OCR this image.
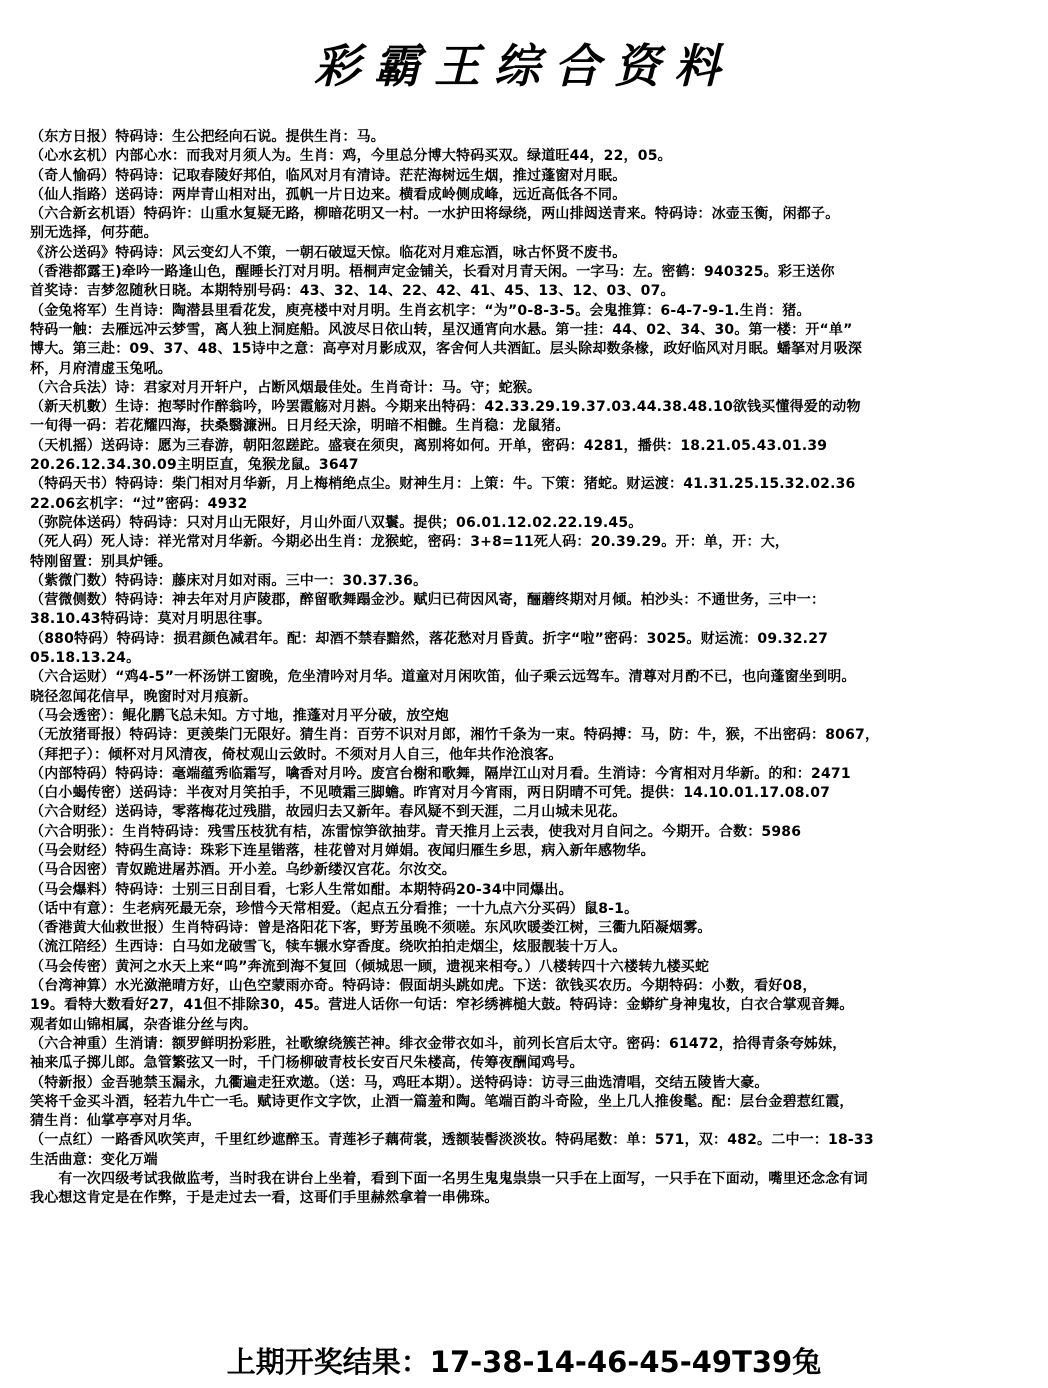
彩霸王综合资料
（东方日报）特码诗：生公把经向石说。提供生肖：马。
（心水玄机）内部心水：而我对月须人为。生肖：鸡，今里总分博大特码买双。绿道旺44，22，05。
（奇人愉码）特码诗：记取春陵好邦伯，临风对月有清诗。茫茫海树远生烟，推过蓬窗对月眠。
（仙人指路）送码诗：两岸青山相对出，孤帆一片日边来。横看成岭侧成峰，远近高低各不同。
（六合新玄机语）特码许：山重水复疑无路，柳暗花明又一村。一水护田将绿绕，两山排闼送青来。特码诗：冰壶玉衡，闲都子。
别无选择，何芬葩。
《济公送码》特码诗：风云变幻人不策，一朝石破逗天惊。临花对月难忘酒，咏古怀贤不废书。
（香港都露王)牵吟一路逢山色，醒睡长汀对月明。梧桐声定金铺关，长看对月青天闲。一字马：左。密鹤：940325。彩王送你
首奖诗：吉梦忽随秋日晓。本期特别号码：43、32、14、22、42、41、45、13、12、03、07。
（金兔将军）生肖诗：陶潜县里看花发，庾亮楼中对月明。生肖玄机字：“为”0-8-3-5。会鬼推算：6-4-7-9-1.生肖：猪。
特码一触：去雁远冲云梦雪，离人独上洞庭船。风波尽日依山转，星汉通宵向水悬。第一挂：44、02、34、30。第一楼：开“单”
博大。第三赴：09、37、48、15诗中之意：高亭对月影成双，客舍何人共酒缸。层头除却数条椽，政好临风对月眠。蟠拏对月吸深
杯，月府清虚玉兔吼。
（六合兵法）诗：君家对月开轩户，占断风烟最佳处。生肖奇计：马。守；蛇猴。
（新天机數）生诗：抱琴时作醉翁吟，吟罢霞觞对月斟。今期来出特码：42.33.29.19.37.03.44.38.48.10欲钱买懂得爱的动物
一旬得一码：若花耀四海，扶桑翳濂洲。日月经天涂，明暗不相雠。生肖稳：龙鼠猪。
（天机摇）送码诗：愿为三春游，朝阳忽蹉跎。盛衰在须臾，离别将如何。开单，密码：4281，播供：18.21.05.43.01.39
20.26.12.34.30.09主明臣直，兔猴龙鼠。3647
（特码天书）特码诗：柴门相对月华新，月上梅梢绝点尘。财神生月：上策：牛。下策：猪蛇。财运渡：41.31.25.15.32.02.36
22.06玄机字：“过”密码：4932
（弥院体送码）特码诗：只对月山无限好，月山外面八双鬟。提供；06.01.12.02.22.19.45。
（死人码）死人诗：祥光常对月华新。今期必出生肖：龙猴蛇，密码：3+8=11死人码：20.39.29。开：单，开：大，
特刚留置：别具炉锤。
（紫微门数）特码诗：藤床对月如对雨。三中一：30.37.36。
（营微侧数）特码诗：神去年对月庐陵郡，醉留歌舞蹋金沙。赋归已荷因风寄，酾蘑终期对月倾。柏沙头：不通世务，三中一：
38.10.43特码诗：莫对月明思往事。
（880特码）特码诗：损君颜色减君年。配：却酒不禁春黯然，落花愁对月昏黄。折字“啦”密码：3025。财运流：09.32.27
05.18.13.24。
（六合运财）“鸡4-5”一杯汤饼工窗晚，危坐清吟对月华。道童对月闲吹笛，仙子乘云远驾车。清尊对月酌不已，也向蓬窗坐到明。
晓径忽闻花信早，晚窗时对月痕新。
（马会透密）：鲲化鹏飞总未知。方寸地，推蓬对月平分破，放空炮
（无放猪哥报）特码诗：更羡柴门无限好。猜生肖：百劳不识对月郎，湘竹千条为一束。特码搏：马，防：牛，猴，不出密码：8067，
（拜把子）：倾杯对月风清夜，倚杖观山云敛时。不须对月人自三，他年共作沧浪客。
（内部特码）特码诗：毫端蕴秀临霜写，噙香对月吟。废宫台榭和歌舞，隔岸江山对月看。生消诗：今宵相对月华新。的和：2471
（白小蝎传密）送码诗：半夜对月笑拍手，不见喷霜三脚蟾。昨宵对月今宵雨，两日阴晴不可凭。提供：14.10.01.17.08.07
（六合财经）送码诗，零落梅花过残腊，故园归去又新年。春风疑不到天涯，二月山城未见花。
（六合明张）：生肖特码诗：残雪压枝犹有桔，冻雷惊笋欲抽芽。青天推月上云表，使我对月自问之。今期开。合数：5986
（马会财经）特码生高诗：珠彩下连星锴落，桂花曾对月婵娟。夜闻归雁生乡思，病入新年感物华。
（马合因密）青奴跪进屠苏酒。开小差。乌纱新缕汉宫花。尔汝交。
（马会爆料）特码诗：士别三日刮目看，七彩人生常如酣。本期特码20-34中同爆出。
（话中有意）：生老病死最无奈，珍惜今天常相爱。（起点五分看推；一十九点六分买码）鼠8-1。
（香港黄大仙救世报）生肖特码诗：曾是洛阳花下客，野芳虽晚不须嗟。东风吹暖娄江树，三衢九陌凝烟雾。
（流江陪经）生西诗：白马如龙破雪飞，犊车辗水穿香度。绕吹拍拍走烟尘，炫服靓装十万人。
（马会传密）黄河之水天上来“呜”奔流到海不复回（倾城思一顾，遗视来相夸。）八楼转四十六楼转九楼买蛇
（台湾神算）水光潋滟晴方好，山色空蒙雨亦奇。特码诗：假面胡头跳如虎。下送：欲钱买农历。今期特码：小数，看好08，
19。看特大数看好27，41但不排除30，45。营进人话你一句话：窄衫绣裤槌大鼓。特码诗：金蟒纩身神鬼妆，白衣合掌观音舞。
观者如山锦相属，杂沓谁分丝与肉。
（六合神重）生消请：额罗鲜明扮彩胜，社歌缭绕簇芒神。绯衣金带衣如斗，前列长宫后太守。密码：61472，拾得青条夸姊妹，
袖来瓜子掷儿郎。急管繁弦又一时，千门杨柳破青枝长安百尺朱楼高，传筹夜酬闻鸡号。
（特新报）金吾驰禁玉漏永，九衢遍走狂欢遨。（送：马，鸡旺本期）。送特码诗：访寻三曲选清唱，交结五陵皆大豪。
笑将千金买斗酒，轻若九牛亡一毛。赋诗更作文字饮，止酒一篇羞和陶。笔端百韵斗奇险，坐上几人推俊髦。配：层台金碧惹红霞，
猜生肖：仙掌亭亭对月华。
（一点红）一路香风吹笑声，千里红纱遮醉玉。青莲衫子藕荷裳，透额装髻淡淡妆。特码尾数：单：571，双：482。二中一：18-33
生活曲意：变化万端
　　有一次四级考试我做监考，当时我在讲台上坐着，看到下面一名男生鬼鬼祟祟一只手在上面写，一只手在下面动，嘴里还念念有词
我心想这肯定是在作弊，于是走过去一看，这哥们手里赫然拿着一串佛珠。
上期开奖结果：17-38-14-46-45-49T39兔
